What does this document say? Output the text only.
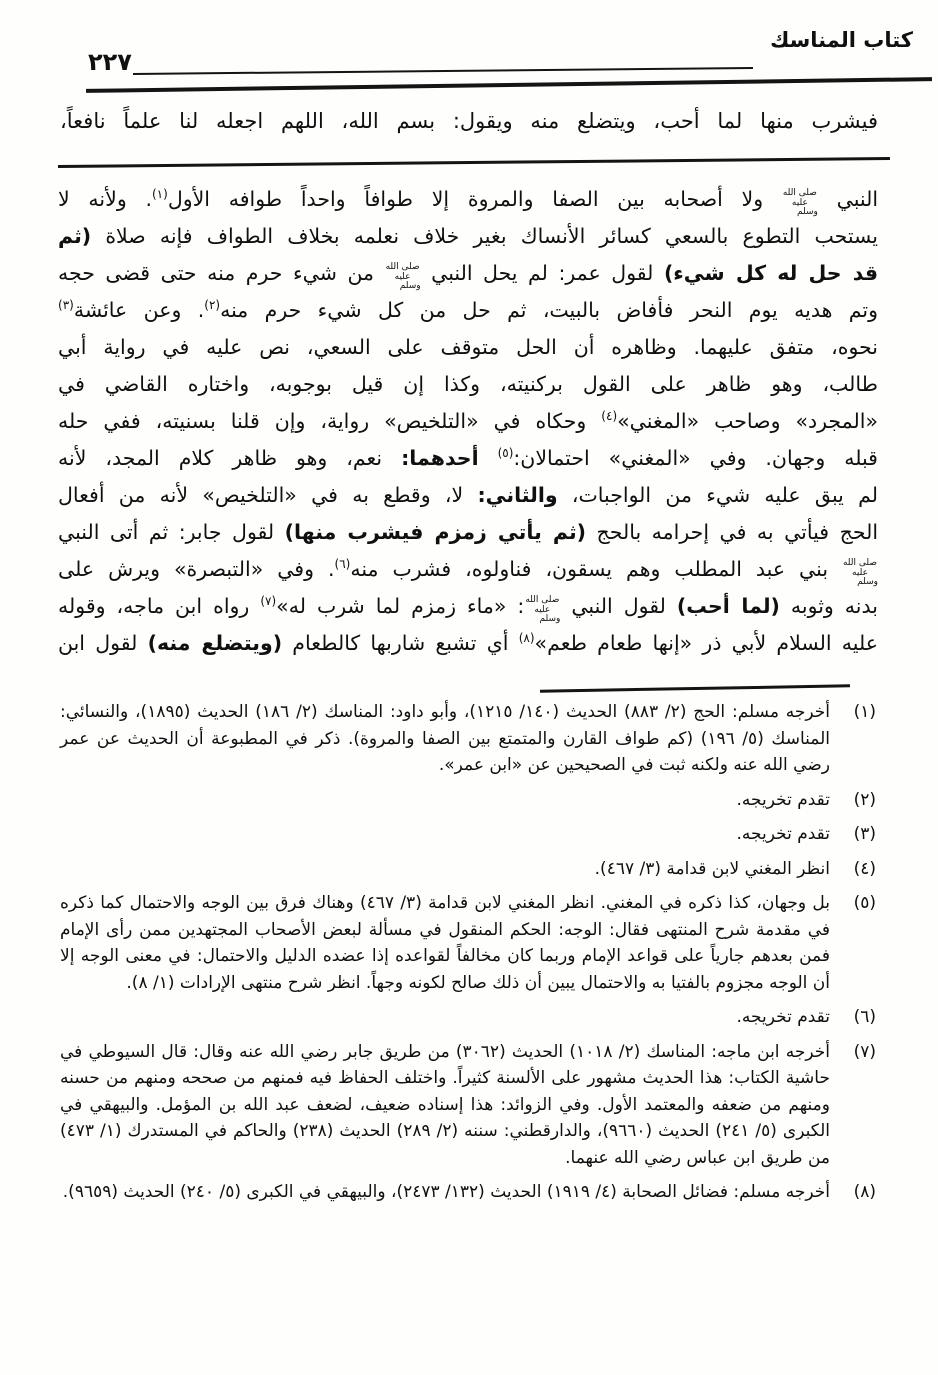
كتاب المناسك
٢٢٧
فيشرب منها لما أحب، ويتضلع منه ويقول: بسم الله، اللهم اجعله لنا علماً نافعاً،
النبي صلى الله عليه وسلم ولا أصحابه بين الصفا والمروة إلا طوافاً واحداً طوافه الأول$^{(١)}$. ولأنه لا
يستحب التطوع بالسعي كسائر الأنساك بغير خلاف نعلمه بخلاف الطواف فإنه صلاة (ثم
قد حل له كل شيء) لقول عمر: لم يحل النبي صلى الله عليه وسلم من شيء حرم منه حتى قضى حجه
وتم هديه يوم النحر فأفاض بالبيت، ثم حل من كل شيء حرم منه$^{(٢)}$. وعن عائشة$^{(٣)}$
نحوه، متفق عليهما. وظاهره أن الحل متوقف على السعي، نص عليه في رواية أبي
طالب، وهو ظاهر على القول بركنيته، وكذا إن قيل بوجوبه، واختاره القاضي في
«المجرد» وصاحب «المغني»$^{(٤)}$ وحكاه في «التلخيص» رواية، وإن قلنا بسنيته، ففي حله
قبله وجهان. وفي «المغني» احتمالان:$^{(٥)}$ أحدهما: نعم، وهو ظاهر كلام المجد، لأنه
لم يبق عليه شيء من الواجبات، والثاني: لا، وقطع به في «التلخيص» لأنه من أفعال
الحج فيأتي به في إحرامه بالحج (ثم يأتي زمزم فيشرب منها) لقول جابر: ثم أتى النبي
صلى الله عليه وسلم بني عبد المطلب وهم يسقون، فناولوه، فشرب منه$^{(٦)}$. وفي «التبصرة» ويرش على
بدنه وثوبه (لما أحب) لقول النبي صلى الله عليه وسلم: «ماء زمزم لما شرب له»$^{(٧)}$ رواه ابن ماجه، وقوله
عليه السلام لأبي ذر «إنها طعام طعم»$^{(٨)}$ أي تشبع شاربها كالطعام (ويتضلع منه) لقول ابن
(١)
أخرجه مسلم: الحج (٢/ ٨٨٣) الحديث (١٤٠/ ١٢١٥)، وأبو داود: المناسك (٢/ ١٨٦) الحديث (١٨٩٥)، والنسائي: المناسك (٥/ ١٩٦) (كم طواف القارن والمتمتع بين الصفا والمروة). ذكر في المطبوعة أن الحديث عن عمر رضي الله عنه ولكنه ثبت في الصحيحين عن «ابن عمر».
(٢)
تقدم تخريجه.
(٣)
تقدم تخريجه.
(٤)
انظر المغني لابن قدامة (٣/ ٤٦٧).
(٥)
بل وجهان، كذا ذكره في المغني. انظر المغني لابن قدامة (٣/ ٤٦٧) وهناك فرق بين الوجه والاحتمال كما ذكره في مقدمة شرح المنتهى فقال: الوجه: الحكم المنقول في مسألة لبعض الأصحاب المجتهدين ممن رأى الإمام فمن بعدهم جارياً على قواعد الإمام وربما كان مخالفاً لقواعده إذا عضده الدليل والاحتمال: في معنى الوجه إلا أن الوجه مجزوم بالفتيا به والاحتمال يبين أن ذلك صالح لكونه وجهاً. انظر شرح منتهى الإرادات (١/ ٨).
(٦)
تقدم تخريجه.
(٧)
أخرجه ابن ماجه: المناسك (٢/ ١٠١٨) الحديث (٣٠٦٢) من طريق جابر رضي الله عنه وقال: قال السيوطي في حاشية الكتاب: هذا الحديث مشهور على الألسنة كثيراً. واختلف الحفاظ فيه فمنهم من صححه ومنهم من حسنه ومنهم من ضعفه والمعتمد الأول. وفي الزوائد: هذا إسناده ضعيف، لضعف عبد الله بن المؤمل. والبيهقي في الكبرى (٥/ ٢٤١) الحديث (٩٦٦٠)، والدارقطني: سننه (٢/ ٢٨٩) الحديث (٢٣٨) والحاكم في المستدرك (١/ ٤٧٣) من طريق ابن عباس رضي الله عنهما.
(٨)
أخرجه مسلم: فضائل الصحابة (٤/ ١٩١٩) الحديث (١٣٢/ ٢٤٧٣)، والبيهقي في الكبرى (٥/ ٢٤٠) الحديث (٩٦٥٩).
